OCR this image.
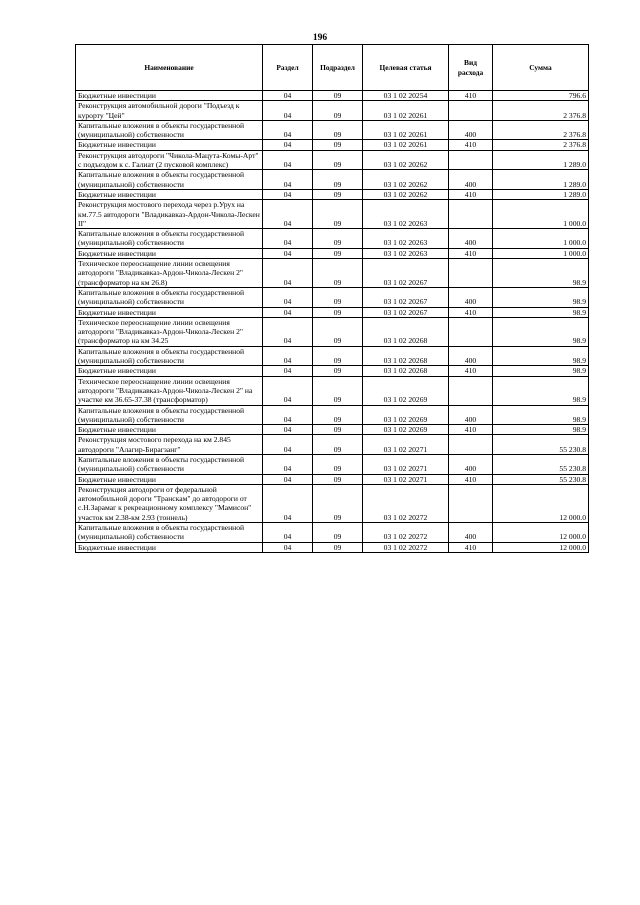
196
Наименование	Раздел	Подраздел	Целевая статья	Вид расхода	Сумма
Бюджетные инвестиции	04	09	03 1 02 20254	410	796.6
Реконструкция автомобильной дороги "Подъезд к курорту "Цей"	04	09	03 1 02 20261		2 376.8
Капитальные вложения в объекты государственной (муниципальной) собственности	04	09	03 1 02 20261	400	2 376.8
Бюджетные инвестиции	04	09	03 1 02 20261	410	2 376.8
Реконструкция автодороги "Чикола-Мацута-Комы-Арт" с подъездом к с. Галиат (2 пусковой комплекс)	04	09	03 1 02 20262		1 289.0
Капитальные вложения в объекты государственной (муниципальной) собственности	04	09	03 1 02 20262	400	1 289.0
Бюджетные инвестиции	04	09	03 1 02 20262	410	1 289.0
Реконструкция мостового перехода через р.Урух на км.77.5 автодороги "Владикавказ-Ардон-Чикола-Лескен II"	04	09	03 1 02 20263		1 000.0
Капитальные вложения в объекты государственной (муниципальной) собственности	04	09	03 1 02 20263	400	1 000.0
Бюджетные инвестиции	04	09	03 1 02 20263	410	1 000.0
Техническое переоснащение линии освещения автодороги "Владикавказ-Ардон-Чикола-Лескен 2" (трансформатор на км 26.8)	04	09	03 1 02 20267		98.9
Капитальные вложения в объекты государственной (муниципальной) собственности	04	09	03 1 02 20267	400	98.9
Бюджетные инвестиции	04	09	03 1 02 20267	410	98.9
Техническое переоснащение линии освещения автодороги "Владикавказ-Ардон-Чикола-Лескен 2" (трансформатор на км 34.25	04	09	03 1 02 20268		98.9
Капитальные вложения в объекты государственной (муниципальной) собственности	04	09	03 1 02 20268	400	98.9
Бюджетные инвестиции	04	09	03 1 02 20268	410	98.9
Техническое переоснащение линии освещения автодороги "Владикавказ-Ардон-Чикола-Лескен 2" на участке км 36.65-37.38 (трансформатор)	04	09	03 1 02 20269		98.9
Капитальные вложения в объекты государственной (муниципальной) собственности	04	09	03 1 02 20269	400	98.9
Бюджетные инвестиции	04	09	03 1 02 20269	410	98.9
Реконструкция мостового перехода на км 2.845 автодороги "Алагир-Бирагзанг"	04	09	03 1 02 20271		55 230.8
Капитальные вложения в объекты государственной (муниципальной) собственности	04	09	03 1 02 20271	400	55 230.8
Бюджетные инвестиции	04	09	03 1 02 20271	410	55 230.8
Реконструкция автодороги от федеральной автомобильной дороги "Транскам" до автодороги от с.Н.Зарамаг к рекреационному комплексу "Мамисон" участок км 2.38-км 2.93 (тоннель)	04	09	03 1 02 20272		12 000.0
Капитальные вложения в объекты государственной (муниципальной) собственности	04	09	03 1 02 20272	400	12 000.0
Бюджетные инвестиции	04	09	03 1 02 20272	410	12 000.0
